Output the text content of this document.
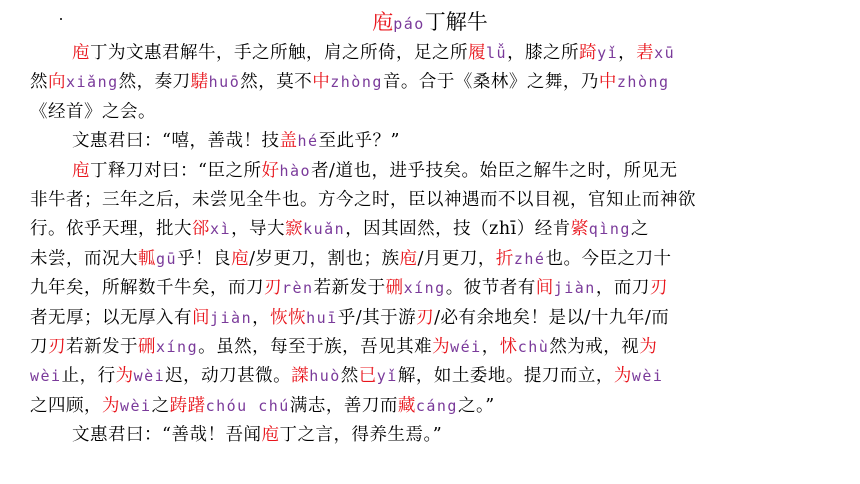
庖páo丁解牛
庖丁为文惠君解牛，手之所触，肩之所倚，足之所履lǚ，膝之所踦yǐ，砉xū
然向xiǎng然，奏刀騞huō然，莫不中zhòng音。合于《桑林》之舞，乃中zhòng
《经首》之会。
文惠君曰：“嘻，善哉！技盖hé至此乎？”
庖丁释刀对曰：“臣之所好hào者/道也，进乎技矣。始臣之解牛之时，所见无
非牛者；三年之后，未尝见全牛也。方今之时，臣以神遇而不以目视，官知止而神欲
行。依乎天理，批大郤xì，导大窾kuǎn，因其固然，技（zhī）经肯綮qìng之
未尝，而况大軱gū乎！良庖/岁更刀，割也；族庖/月更刀，折zhé也。今臣之刀十
九年矣，所解数千牛矣，而刀刃rèn若新发于硎xíng。彼节者有间jiàn，而刀刃
者无厚；以无厚入有间jiàn，恢恢huī乎/其于游刃/必有余地矣！是以/十九年/而
刀刃若新发于硎xíng。虽然，每至于族，吾见其难为wéi，怵chù然为戒，视为
wèi止，行为wèi迟，动刀甚微。謋huò然已yǐ解，如土委地。提刀而立，为wèi
之四顾，为wèi之踌躇chóu chú满志，善刀而藏cáng之。”
文惠君曰：“善哉！吾闻庖丁之言，得养生焉。”
